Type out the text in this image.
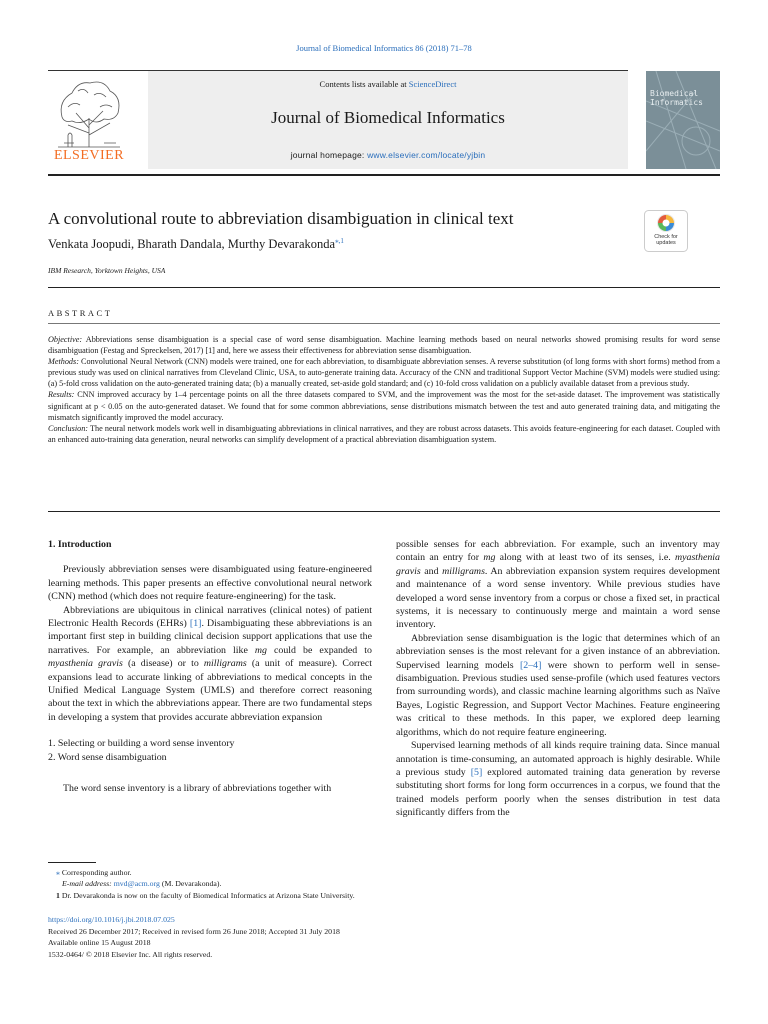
Journal of Biomedical Informatics 86 (2018) 71–78
ELSEVIER
Contents lists available at ScienceDirect
Journal of Biomedical Informatics
journal homepage: www.elsevier.com/locate/yjbin
Biomedical Informatics
A convolutional route to abbreviation disambiguation in clinical text
Venkata Joopudi, Bharath Dandala, Murthy Devarakonda$^{⁎,1}$
IBM Research, Yorktown Heights, USA
Check for updates
ABSTRACT

Objective: Abbreviations sense disambiguation is a special case of word sense disambiguation. Machine learning methods based on neural networks showed promising results for word sense disambiguation (Festag and Spreckelsen, 2017) [1] and, here we assess their effectiveness for abbreviation sense disambiguation.

Methods: Convolutional Neural Network (CNN) models were trained, one for each abbreviation, to disambiguate abbreviation senses. A reverse substitution (of long forms with short forms) method from a previous study was used on clinical narratives from Cleveland Clinic, USA, to auto-generate training data. Accuracy of the CNN and traditional Support Vector Machine (SVM) models were studied using: (a) 5-fold cross validation on the auto-generated training data; (b) a manually created, set-aside gold standard; and (c) 10-fold cross validation on a publicly available dataset from a previous study.

Results: CNN improved accuracy by 1–4 percentage points on all the three datasets compared to SVM, and the improvement was the most for the set-aside dataset. The improvement was statistically significant at p < 0.05 on the auto-generated dataset. We found that for some common abbreviations, sense distributions mismatch between the test and auto generated training data, and mitigating the mismatch significantly improved the model accuracy.

Conclusion: The neural network models work well in disambiguating abbreviations in clinical narratives, and they are robust across datasets. This avoids feature-engineering for each dataset. Coupled with an enhanced auto-training data generation, neural networks can simplify development of a practical abbreviation disambiguation system.

1. Introduction

Previously abbreviation senses were disambiguated using feature-engineered learning methods. This paper presents an effective convolutional neural network (CNN) method (which does not require feature-engineering) for the task.

Abbreviations are ubiquitous in clinical narratives (clinical notes) of patient Electronic Health Records (EHRs) [1]. Disambiguating these abbreviations is an important first step in building clinical decision support applications that use the narratives. For example, an abbreviation like mg could be expanded to myasthenia gravis (a disease) or to milligrams (a unit of measure). Correct expansions lead to accurate linking of abbreviations to medical concepts in the Unified Medical Language System (UMLS) and therefore correct reasoning about the text in which the abbreviations appear. There are two fundamental steps in developing a system that provides accurate abbreviation expansion

1. Selecting or building a word sense inventory
2. Word sense disambiguation

The word sense inventory is a library of abbreviations together with

possible senses for each abbreviation. For example, such an inventory may contain an entry for mg along with at least two of its senses, i.e. myasthenia gravis and milligrams. An abbreviation expansion system requires development and maintenance of a word sense inventory. While previous studies have developed a word sense inventory from a corpus or chose a fixed set, in practical systems, it is necessary to continuously merge and maintain a word sense inventory.

Abbreviation sense disambiguation is the logic that determines which of an abbreviation senses is the most relevant for a given instance of an abbreviation. Supervised learning models [2–4] were shown to perform well in sense-disambiguation. Previous studies used sense-profile (which used features vectors from surrounding words), and classic machine learning algorithms such as Naïve Bayes, Logistic Regression, and Support Vector Machines. Feature engineering was critical to these methods. In this paper, we explored deep learning algorithms, which do not require feature engineering.

Supervised learning methods of all kinds require training data. Since manual annotation is time-consuming, an automated approach is highly desirable. While a previous study [5] explored automated training data generation by reverse substituting short forms for long form occurrences in a corpus, we found that the trained models perform poorly when the senses distribution in test data significantly differs from the

⁎ Corresponding author.
E-mail address: mvd@acm.org (M. Devarakonda).
1 Dr. Devarakonda is now on the faculty of Biomedical Informatics at Arizona State University.
https://doi.org/10.1016/j.jbi.2018.07.025
Received 26 December 2017; Received in revised form 26 June 2018; Accepted 31 July 2018
Available online 15 August 2018
1532-0464/ © 2018 Elsevier Inc. All rights reserved.
